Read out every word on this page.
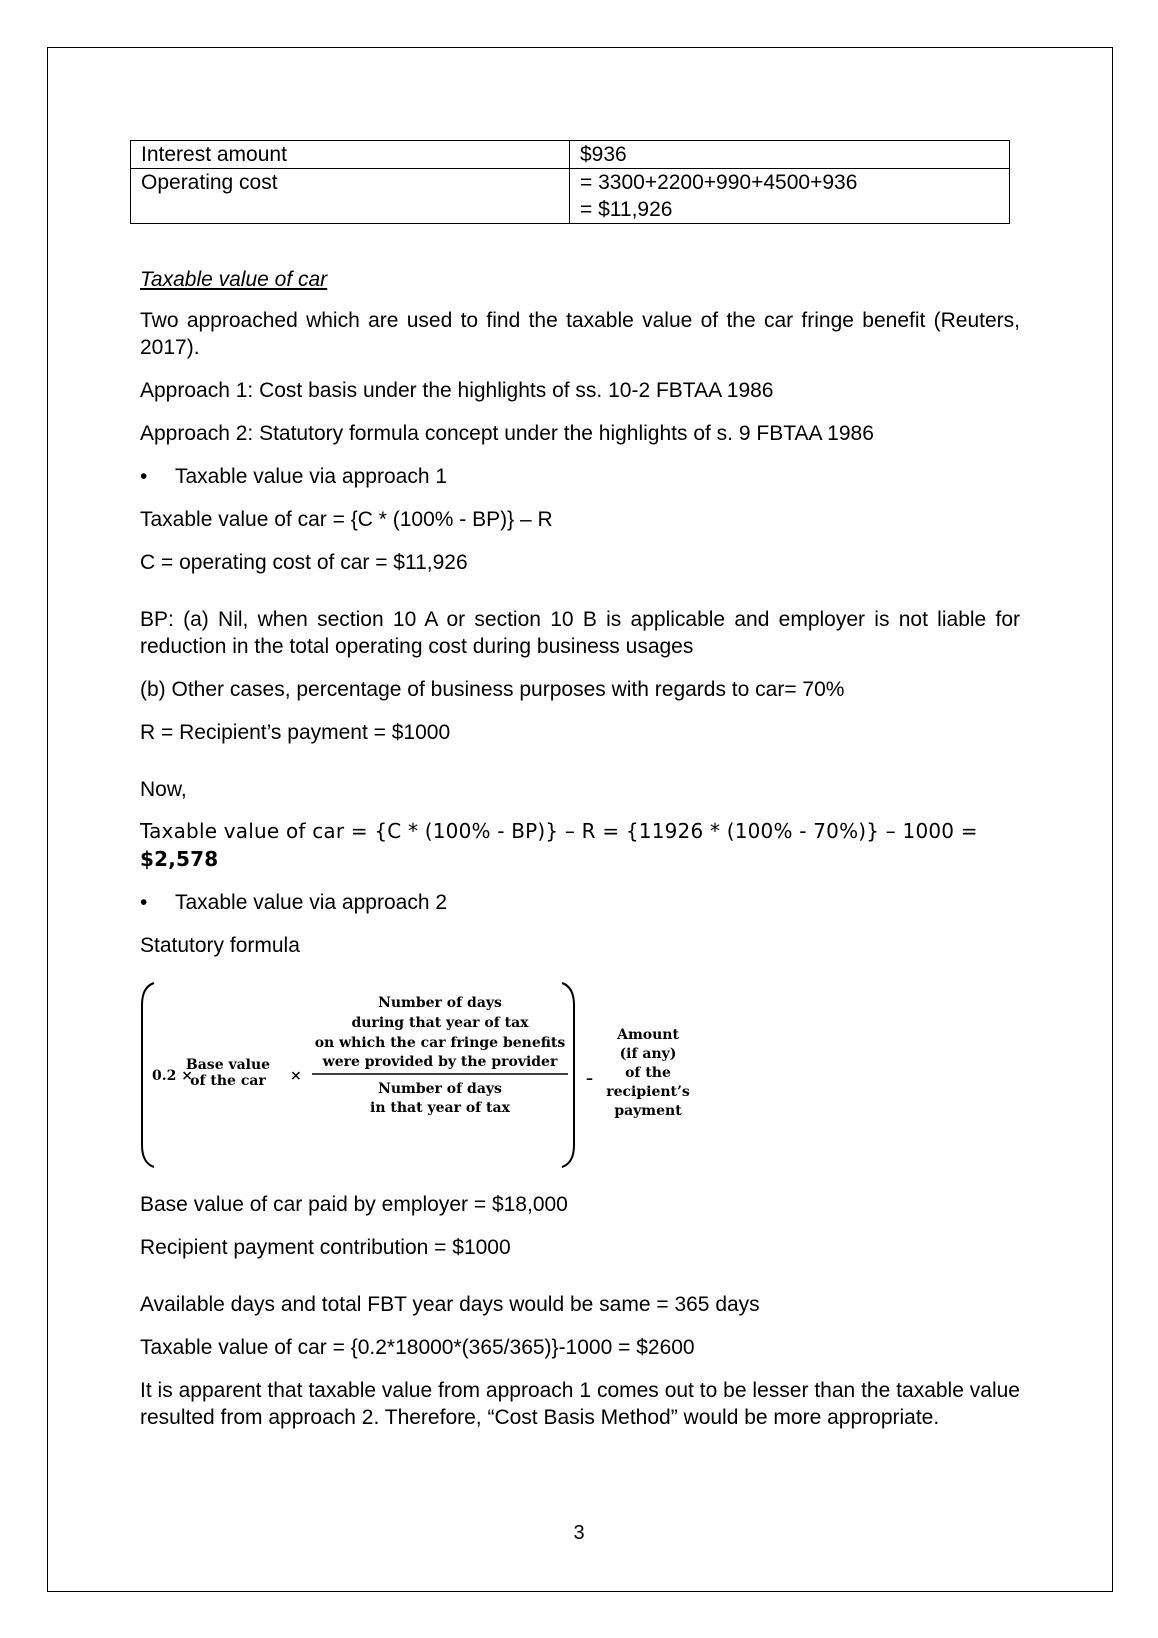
Interest amount	$936
Operating cost	= 3300+2200+990+4500+936
= $11,926

Taxable value of car

Two approached which are used to find the taxable value of the car fringe benefit (Reuters, 2017).

Approach 1: Cost basis under the highlights of ss. 10-2 FBTAA 1986

Approach 2: Statutory formula concept under the highlights of s. 9 FBTAA 1986

•	Taxable value via approach 1

Taxable value of car = {C * (100% - BP)} – R

C = operating cost of car = $11,926

BP: (a) Nil, when section 10 A or section 10 B is applicable and employer is not liable for reduction in the total operating cost during business usages

(b) Other cases, percentage of business purposes with regards to car= 70%

R = Recipient’s payment = $1000

Now,

Taxable value of car = {C * (100% - BP)} – R = {11926 * (100% - 70%)} – 1000 =
$2,578
•	Taxable value via approach 2

Statutory formula

0.2 ×
Base value
of the car ×
Number of days
during that year of tax
on which the car fringe benefits
were provided by the provider
Number of days
in that year of tax
–
Amount
(if any)
of the
recipient’s
payment

Base value of car paid by employer = $18,000

Recipient payment contribution = $1000

Available days and total FBT year days would be same = 365 days

Taxable value of car = {0.2*18000*(365/365)}-1000 = $2600

It is apparent that taxable value from approach 1 comes out to be lesser than the taxable value resulted from approach 2. Therefore, “Cost Basis Method” would be more appropriate.

3
